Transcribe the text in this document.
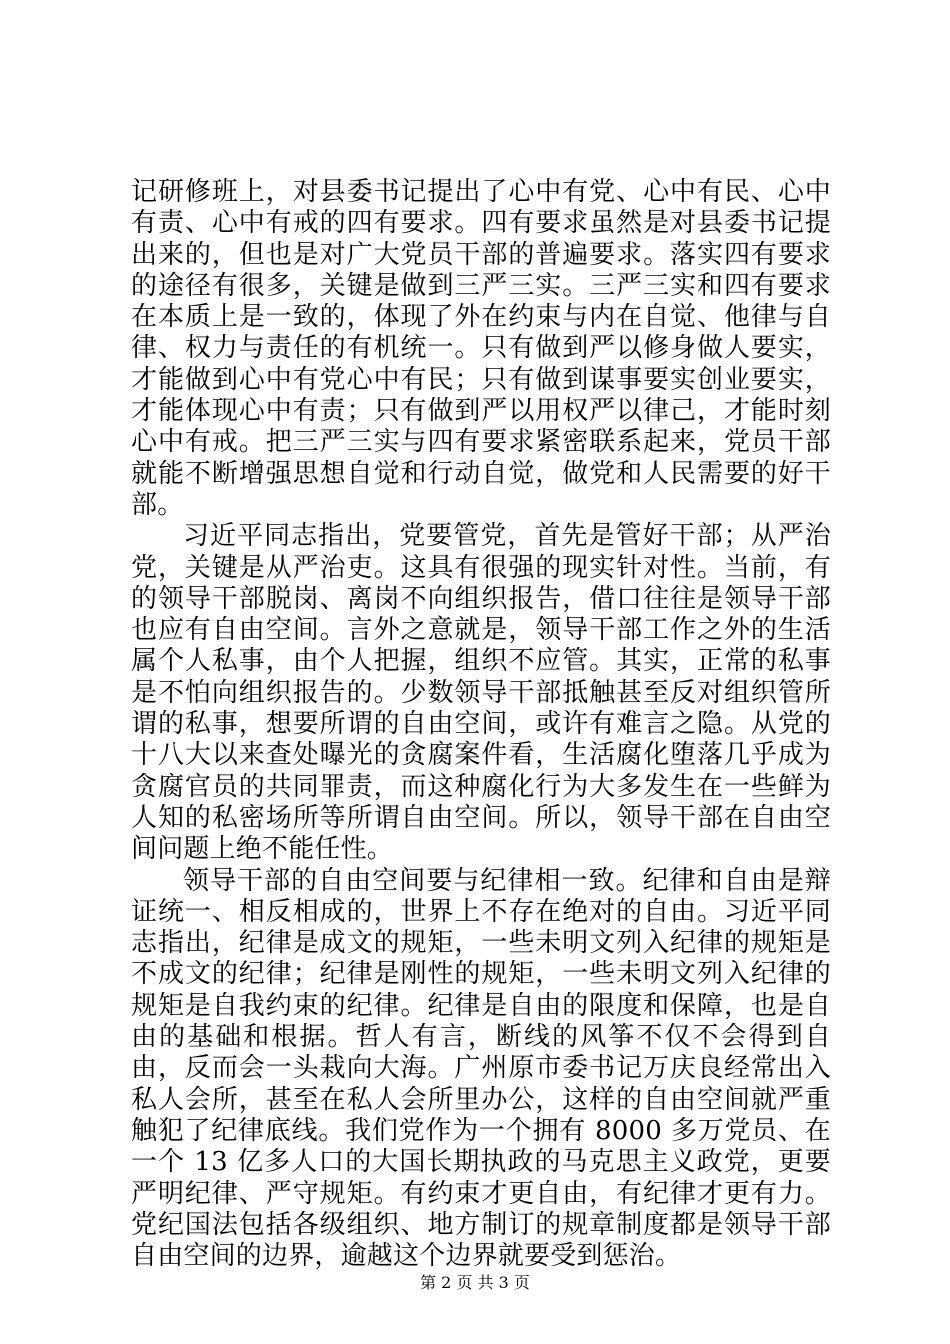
记研修班上，对县委书记提出了心中有党、心中有民、心中有责、心中有戒的四有要求。四有要求虽然是对县委书记提出来的，但也是对广大党员干部的普遍要求。落实四有要求的途径有很多，关键是做到三严三实。三严三实和四有要求在本质上是一致的，体现了外在约束与内在自觉、他律与自律、权力与责任的有机统一。只有做到严以修身做人要实，才能做到心中有党心中有民；只有做到谋事要实创业要实，才能体现心中有责；只有做到严以用权严以律己，才能时刻心中有戒。把三严三实与四有要求紧密联系起来，党员干部就能不断增强思想自觉和行动自觉，做党和人民需要的好干部。

习近平同志指出，党要管党，首先是管好干部；从严治党，关键是从严治吏。这具有很强的现实针对性。当前，有的领导干部脱岗、离岗不向组织报告，借口往往是领导干部也应有自由空间。言外之意就是，领导干部工作之外的生活属个人私事，由个人把握，组织不应管。其实，正常的私事是不怕向组织报告的。少数领导干部抵触甚至反对组织管所谓的私事，想要所谓的自由空间，或许有难言之隐。从党的十八大以来查处曝光的贪腐案件看，生活腐化堕落几乎成为贪腐官员的共同罪责，而这种腐化行为大多发生在一些鲜为人知的私密场所等所谓自由空间。所以，领导干部在自由空间问题上绝不能任性。

领导干部的自由空间要与纪律相一致。纪律和自由是辩证统一、相反相成的，世界上不存在绝对的自由。习近平同志指出，纪律是成文的规矩，一些未明文列入纪律的规矩是不成文的纪律；纪律是刚性的规矩，一些未明文列入纪律的规矩是自我约束的纪律。纪律是自由的限度和保障，也是自由的基础和根据。哲人有言，断线的风筝不仅不会得到自由，反而会一头栽向大海。广州原市委书记万庆良经常出入私人会所，甚至在私人会所里办公，这样的自由空间就严重触犯了纪律底线。我们党作为一个拥有 8000 多万党员、在一个 13 亿多人口的大国长期执政的马克思主义政党，更要严明纪律、严守规矩。有约束才更自由，有纪律才更有力。党纪国法包括各级组织、地方制订的规章制度都是领导干部自由空间的边界，逾越这个边界就要受到惩治。

第 2 页 共 3 页
